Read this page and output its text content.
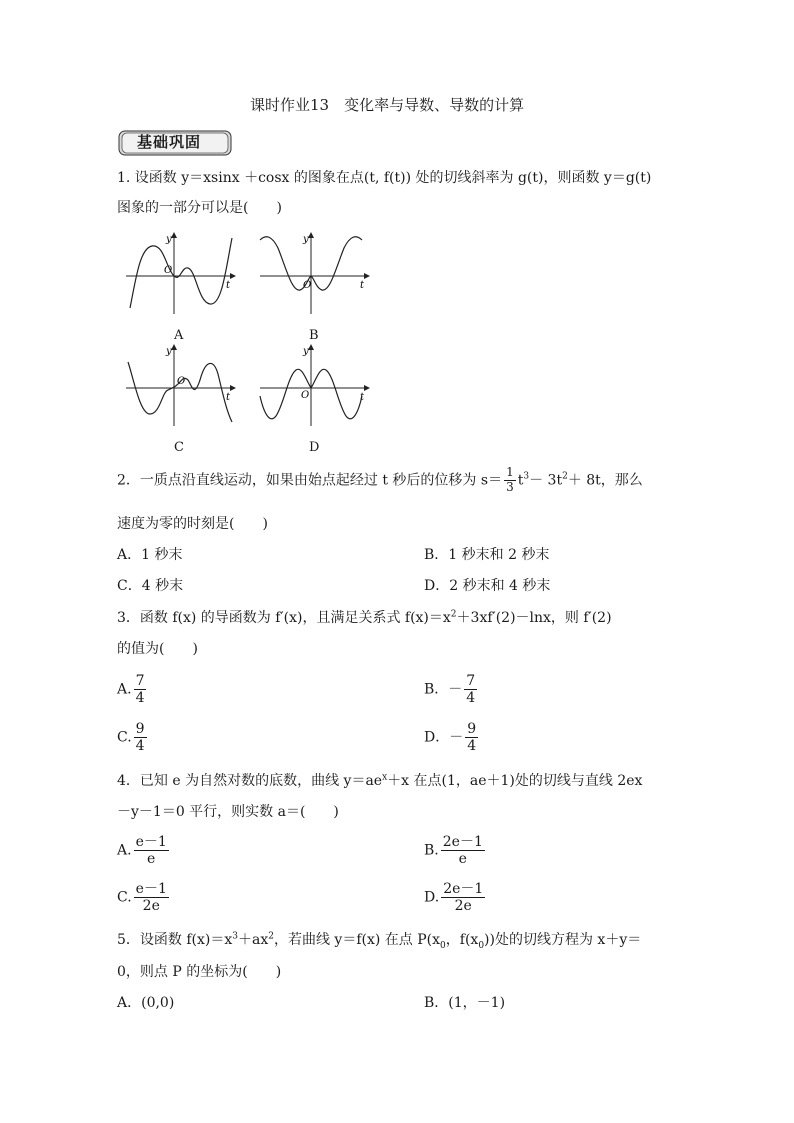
课时作业13　变化率与导数、导数的计算
基础巩固
1. 设函数 y＝xsinx ＋cosx 的图象在点(t, f(t)) 处的切线斜率为 g(t)，则函数 y＝g(t)
图象的一部分可以是(　　)
y
t
O
A
y
t
O
B
y
t
O
C
y
t
O
D
2．一质点沿直线运动，如果由始点起经过 t 秒后的位移为 $s= \frac{1}{3} t^3- 3t^2+ 8t$，那么
速度为零的时刻是(　　)
A．1 秒末	B．1 秒末和 2 秒末
C．4 秒末	D．2 秒末和 4 秒末
3．函数 f(x) 的导函数为 f′(x)，且满足关系式 $f(x)=x^2+3xf'(2)-\ln x$，则 f′(2)
的值为(　　)
A. $\frac{7}{4}$	B．－ $\frac{7}{4}$
C. $\frac{9}{4}$	D．－ $\frac{9}{4}$
4．已知 e 为自然对数的底数，曲线 $y=ae^x+x$ 在点(1，ae＋1)处的切线与直线 2ex
－y－1＝0 平行，则实数 a＝(　　)
A. $\frac{e-1}{e}$	B. $\frac{2e-1}{e}$
C. $\frac{e-1}{2e}$	D. $\frac{2e-1}{2e}$
5．设函数 $f(x)=x^3+ax^2$，若曲线 y＝f(x) 在点 $P(x_0$，$f(x_0)$)处的切线方程为 x＋y＝
0，则点 P 的坐标为(　　)
A．(0,0)	B．(1，－1)
